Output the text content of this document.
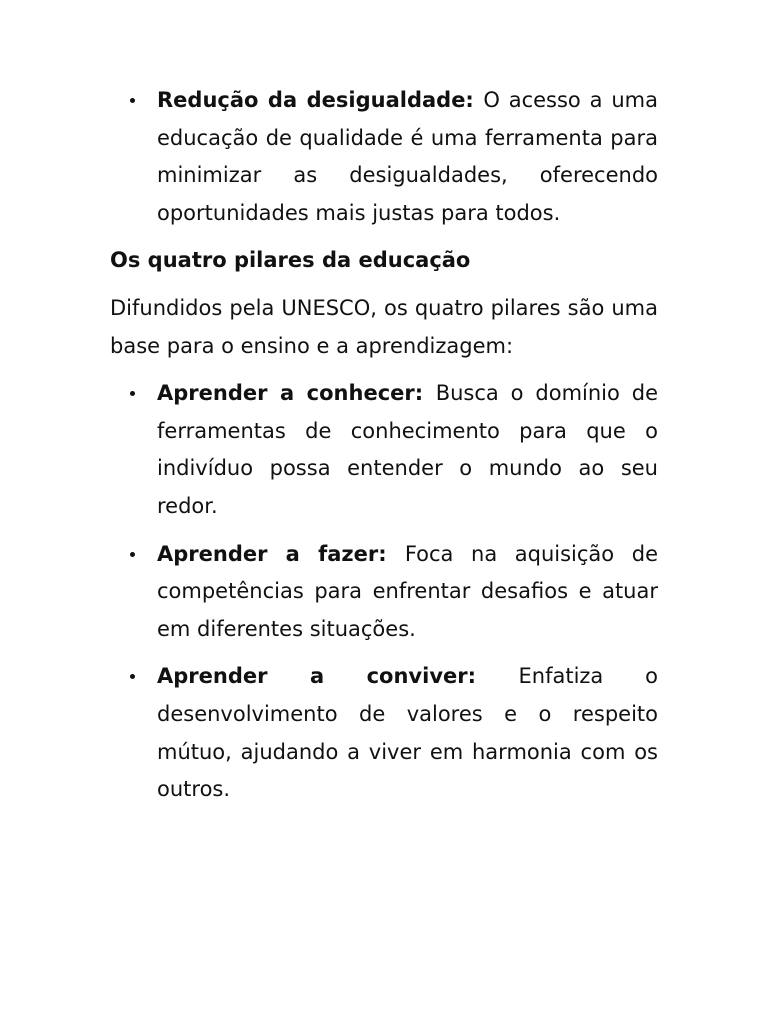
Redução da desigualdade: O acesso a uma educação de qualidade é uma ferramenta para minimizar as desigualdades, oferecendo oportunidades mais justas para todos.
Os quatro pilares da educação

Difundidos pela UNESCO, os quatro pilares são uma base para o ensino e a aprendizagem:

Aprender a conhecer: Busca o domínio de ferramentas de conhecimento para que o indivíduo possa entender o mundo ao seu redor.
Aprender a fazer: Foca na aquisição de competências para enfrentar desafios e atuar em diferentes situações.
Aprender a conviver: Enfatiza o desenvolvimento de valores e o respeito mútuo, ajudando a viver em harmonia com os outros.
